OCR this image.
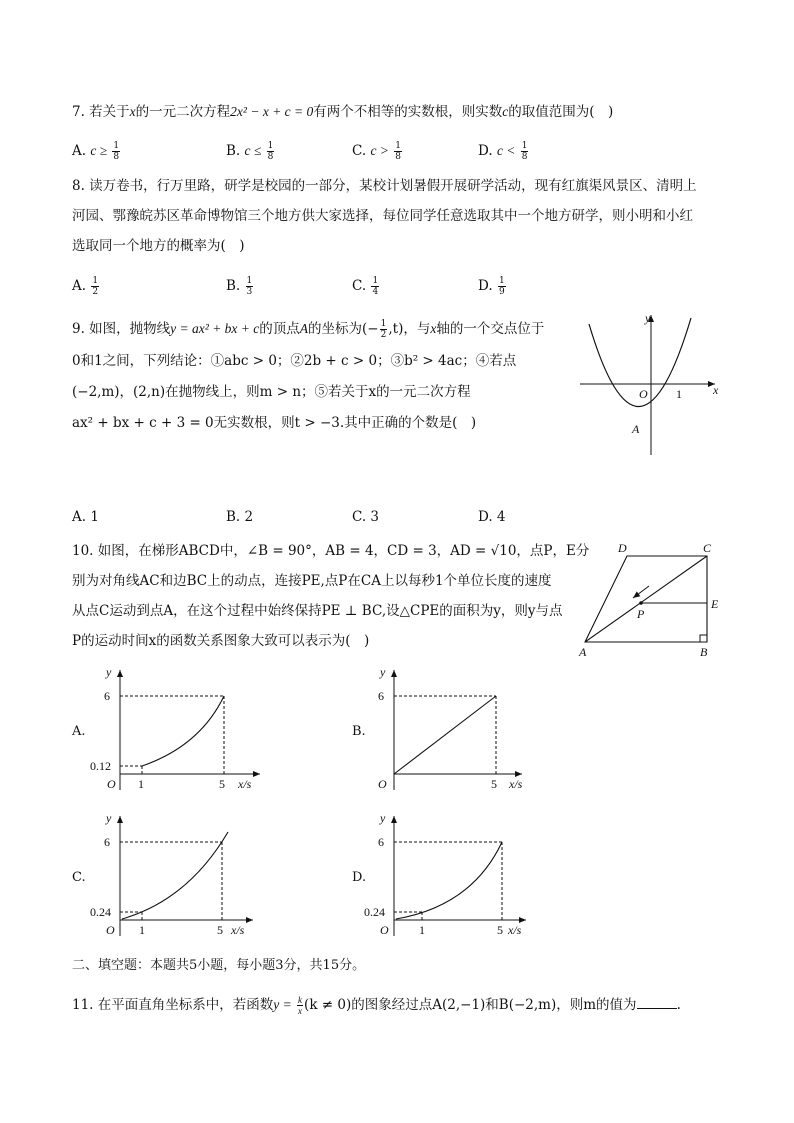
7. 若关于x的一元二次方程2x² − x + c = 0有两个不相等的实数根，则实数c的取值范围为(　)
A. $c \ge \frac{1}{8}$	B. $c \le \frac{1}{8}$	C. $c > \frac{1}{8}$	D. $c < \frac{1}{8}$
8. 读万卷书，行万里路，研学是校园的一部分，某校计划暑假开展研学活动，现有红旗渠风景区、清明上
河园、鄂豫皖苏区革命博物馆三个地方供大家选择，每位同学任意选取其中一个地方研学，则小明和小红
选取同一个地方的概率为(　)
A. $\frac{1}{2}$	B. $\frac{1}{3}$	C. $\frac{1}{4}$	D. $\frac{1}{9}$
9. 如图，抛物线y = ax² + bx + c的顶点A的坐标为(− $\frac{1}{2} ,t$)，与x轴的一个交点位于
0和1之间，下列结论：①abc > 0；②2b + c > 0；③b² > 4ac；④若点
(−2,m)，(2,n)在抛物线上，则m > n；⑤若关于x的一元二次方程
ax² + bx + c + 3 = 0无实数根，则t > −3.其中正确的个数是(　)
y
x
O 1
A
A. 1	B. 2	C. 3	D. 4
10. 如图，在梯形ABCD中，∠B = 90°，AB = 4，CD = 3，AD = √10，点P，E分
别为对角线AC和边BC上的动点，连接PE,点P在CA上以每秒1个单位长度的速度
从点C运动到点A，在这个过程中始终保持PE ⊥ BC,设△CPE的面积为y，则y与点
P的运动时间x的函数关系图象大致可以表示为(　)
A	B
C
D
E
P
A.
y
x/s
O
6
0.12
1	5
B.
y
x/s
O
6
5
C.
y
x/s
O
6
0.24
1	5
D.
y
x/s
O
6
0.24
1	5
二、填空题：本题共5小题，每小题3分，共15分。
11. 在平面直角坐标系中，若函数$y = \frac{k}{x} (k \ne 0)$的图象经过点A(2,−1)和B(−2,m)，则m的值为	.
